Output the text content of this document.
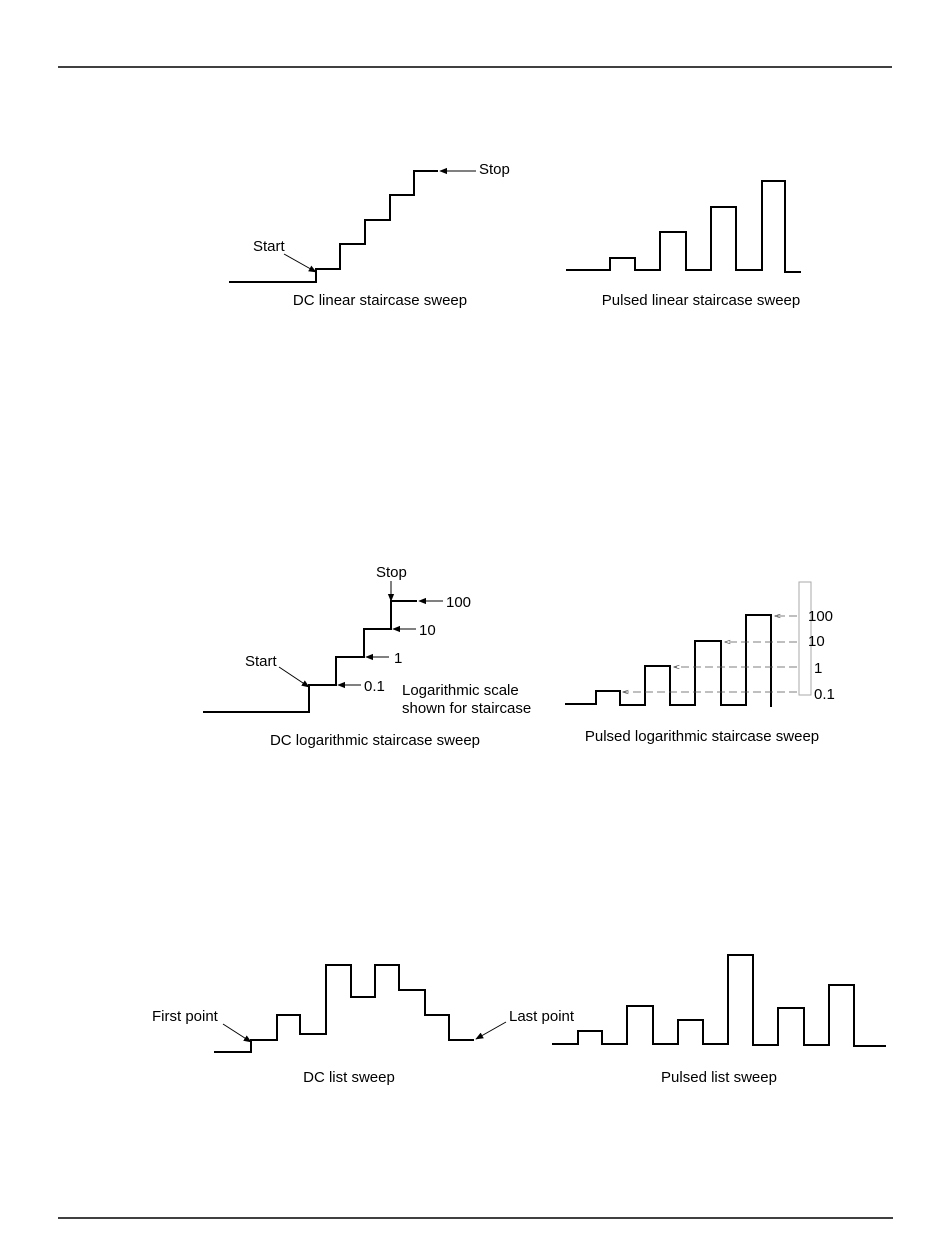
Start
Stop
DC linear staircase sweep	Pulsed linear staircase sweep
Start
Stop
100
10
1
0.1 Logarithmic scale
shown for staircase
DC logarithmic staircase sweep
100
10
1
0.1
Pulsed logarithmic staircase sweep
First point	Last point
DC list sweep	Pulsed list sweep
